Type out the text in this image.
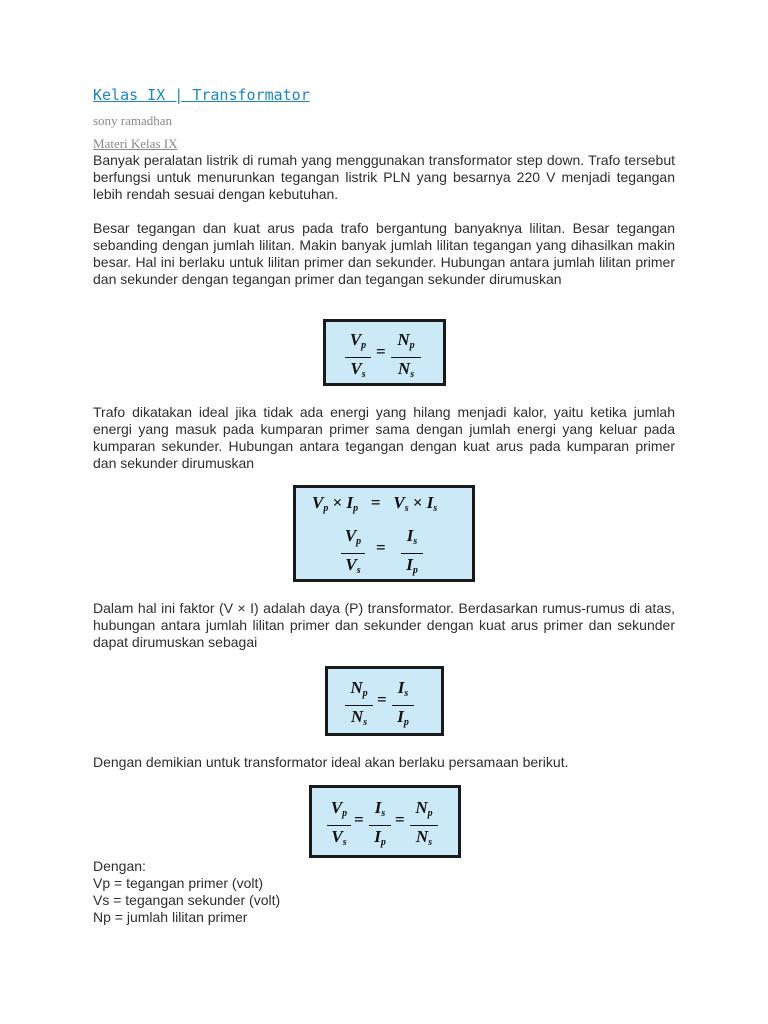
Kelas IX | Transformator
sony ramadhan
Materi Kelas IX

Banyak peralatan listrik di rumah yang menggunakan transformator step down. Trafo tersebut berfungsi untuk menurunkan tegangan listrik PLN yang besarnya 220 V menjadi tegangan lebih rendah sesuai dengan kebutuhan.

Besar tegangan dan kuat arus pada trafo bergantung banyaknya lilitan. Besar tegangan sebanding dengan jumlah lilitan. Makin banyak jumlah lilitan tegangan yang dihasilkan makin besar. Hal ini berlaku untuk lilitan primer dan sekunder. Hubungan antara jumlah lilitan primer dan sekunder dengan tegangan primer dan tegangan sekunder dirumuskan

$V_p$
$V_s$
=
$N_p$
$N_s$

Trafo dikatakan ideal jika tidak ada energi yang hilang menjadi kalor, yaitu ketika jumlah energi yang masuk pada kumparan primer sama dengan jumlah energi yang keluar pada kumparan sekunder. Hubungan antara tegangan dengan kuat arus pada kumparan primer dan sekunder dirumuskan

$V_p \times I_p = V_s \times I_s$
$V_p$
$V_s$
=
$I_s$
$I_p$

Dalam hal ini faktor (V × I) adalah daya (P) transformator. Berdasarkan rumus-rumus di atas, hubungan antara jumlah lilitan primer dan sekunder dengan kuat arus primer dan sekunder dapat dirumuskan sebagai

$N_p$
$N_s$
=
$I_s$
$I_p$

Dengan demikian untuk transformator ideal akan berlaku persamaan berikut.

$V_p$
$V_s$
=
$I_s$
$I_p$
=
$N_p$
$N_s$
Dengan:
Vp = tegangan primer (volt)
Vs = tegangan sekunder (volt)
Np = jumlah lilitan primer
